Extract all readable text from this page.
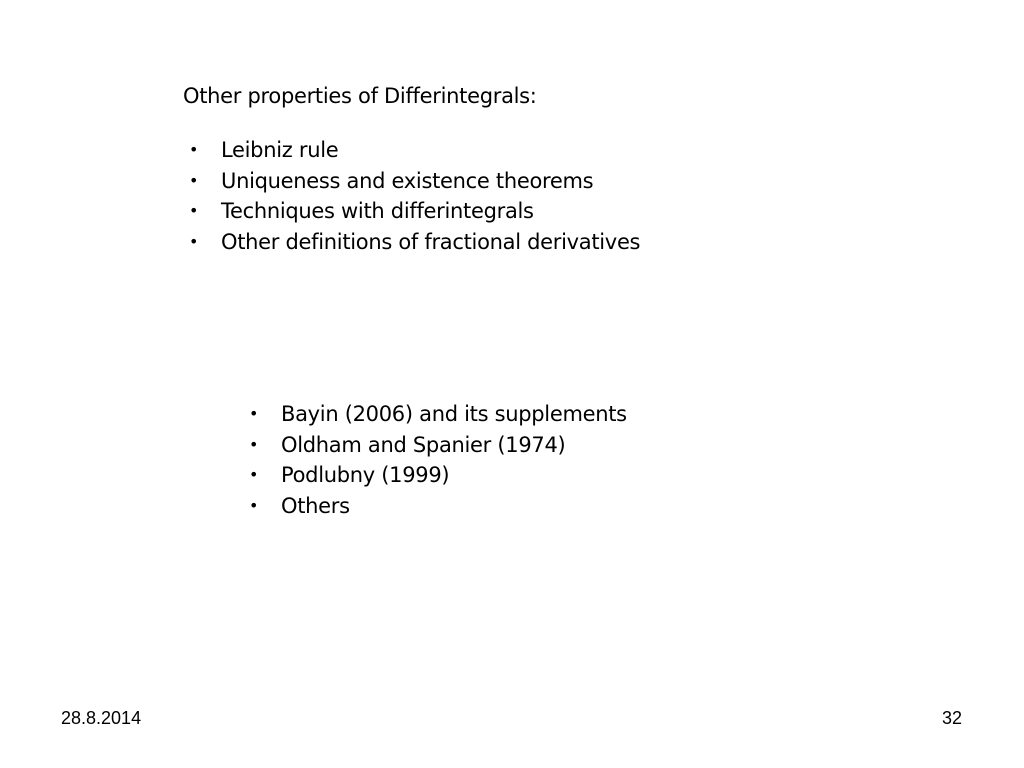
Other properties of Differintegrals:
• Leibniz rule
• Uniqueness and existence theorems
• Techniques with differintegrals
• Other definitions of fractional derivatives
• Bayin (2006) and its supplements
• Oldham and Spanier (1974)
• Podlubny (1999)
• Others
28.8.2014	32
